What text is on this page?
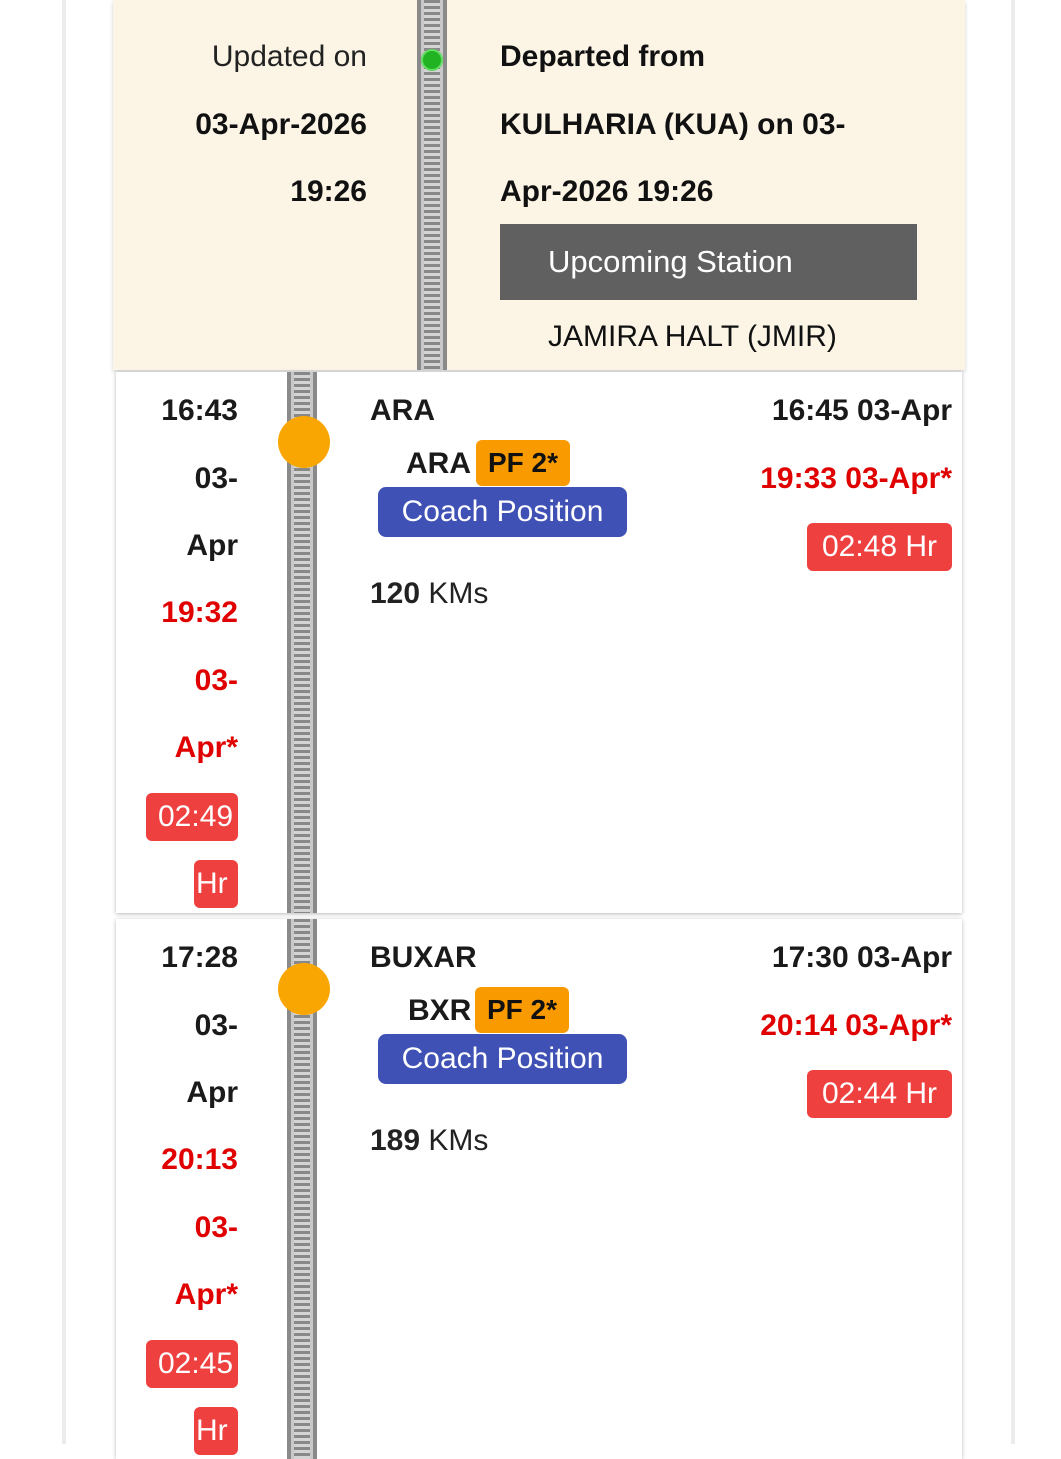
Updated on
03-Apr-2026
19:26
Departed from
KULHARIA (KUA) on 03-
Apr-2026 19:26
Upcoming Station
JAMIRA HALT (JMIR)
16:43
03-
Apr
19:32
03-
Apr*
02:49
Hr
ARA
ARA PF 2*
Coach Position
120 KMs
16:45 03-Apr
19:33 03-Apr*
02:48 Hr
17:28
03-
Apr
20:13
03-
Apr*
02:45
Hr
BUXAR
BXR PF 2*
Coach Position
189 KMs
17:30 03-Apr
20:14 03-Apr*
02:44 Hr
